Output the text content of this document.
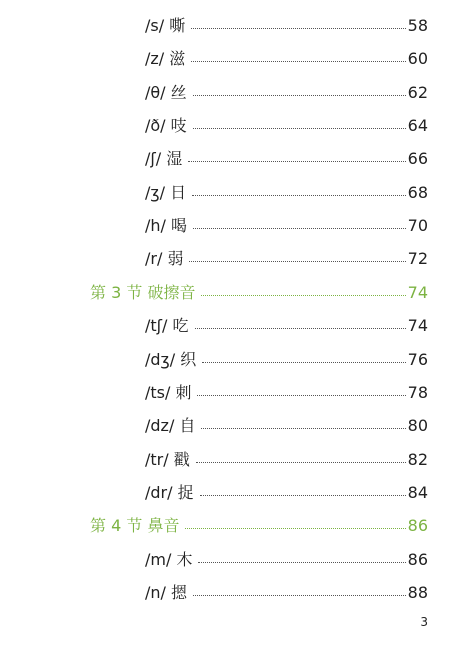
/s/ 嘶	58
/z/ 滋	60
/θ/ 丝	62
/ð/ 吱	64
/ʃ/ 湿	66
/ʒ/ 日	68
/h/ 喝	70
/r/ 弱	72
第 3 节 破擦音	74
/tʃ/ 吃	74
/dʒ/ 织	76
/ts/ 刺	78
/dz/ 自	80
/tr/ 戳	82
/dr/ 捉	84
第 4 节 鼻音	86
/m/ 木	86
/n/ 摁	88
3
